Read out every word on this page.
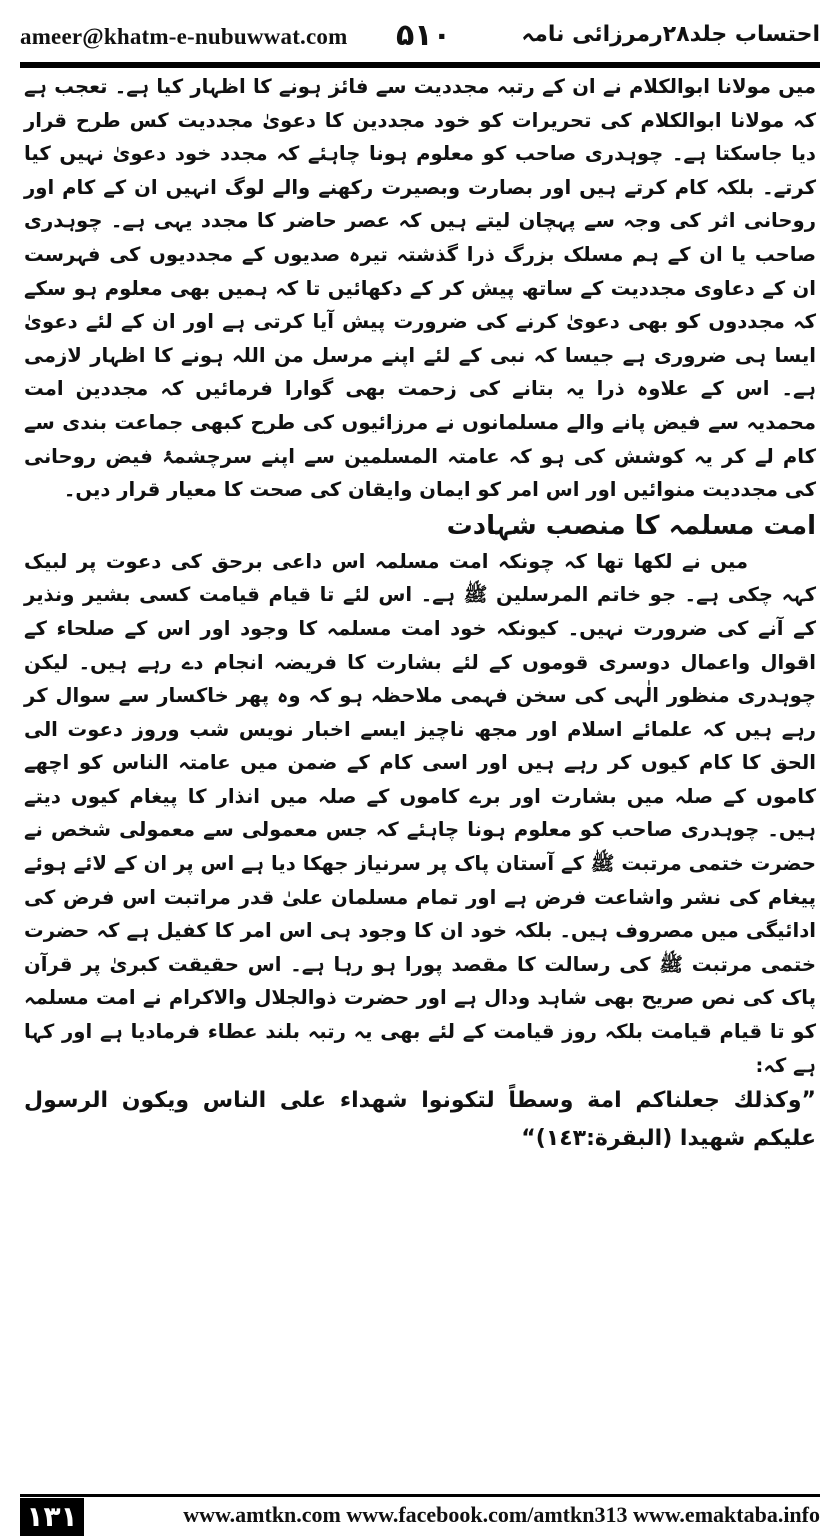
ameer@khatm-e-nubuwwat.com ۵۱۰	احتساب جلد۲۸رمرزائی نامہ

میں مولانا ابوالکلام نے ان کے رتبہ مجددیت سے فائز ہونے کا اظہار کیا ہے۔ تعجب ہے کہ مولانا ابوالکلام کی تحریرات کو خود مجددین کا دعویٰ مجددیت کس طرح قرار دیا جاسکتا ہے۔ چوہدری صاحب کو معلوم ہونا چاہئے کہ مجدد خود دعویٰ نہیں کیا کرتے۔ بلکہ کام کرتے ہیں اور بصارت وبصیرت رکھنے والے لوگ انہیں ان کے کام اور روحانی اثر کی وجہ سے پہچان لیتے ہیں کہ عصر حاضر کا مجدد یہی ہے۔ چوہدری صاحب یا ان کے ہم مسلک بزرگ ذرا گذشتہ تیرہ صدیوں کے مجددیوں کی فہرست ان کے دعاوی مجددیت کے ساتھ پیش کر کے دکھائیں تا کہ ہمیں بھی معلوم ہو سکے کہ مجددوں کو بھی دعویٰ کرنے کی ضرورت پیش آیا کرتی ہے اور ان کے لئے دعویٰ ایسا ہی ضروری ہے جیسا کہ نبی کے لئے اپنے مرسل من اللہ ہونے کا اظہار لازمی ہے۔ اس کے علاوہ ذرا یہ بتانے کی زحمت بھی گوارا فرمائیں کہ مجددین امت محمدیہ سے فیض پانے والے مسلمانوں نے مرزائیوں کی طرح کبھی جماعت بندی سے کام لے کر یہ کوشش کی ہو کہ عامتہ المسلمین سے اپنے سرچشمۂ فیض روحانی کی مجددیت منوائیں اور اس امر کو ایمان وایقان کی صحت کا معیار قرار دیں۔

امت مسلمہ کا منصب شہادت

میں نے لکھا تھا کہ چونکہ امت مسلمہ اس داعی برحق کی دعوت پر لبیک کہہ چکی ہے۔ جو خاتم المرسلین ﷺ ہے۔ اس لئے تا قیام قیامت کسی بشیر ونذیر کے آنے کی ضرورت نہیں۔ کیونکہ خود امت مسلمہ کا وجود اور اس کے صلحاء کے اقوال واعمال دوسری قوموں کے لئے بشارت کا فریضہ انجام دے رہے ہیں۔ لیکن چوہدری منظور الٰہی کی سخن فہمی ملاحظہ ہو کہ وہ پھر خاکسار سے سوال کر رہے ہیں کہ علمائے اسلام اور مجھ ناچیز ایسے اخبار نویس شب وروز دعوت الی الحق کا کام کیوں کر رہے ہیں اور اسی کام کے ضمن میں عامتہ الناس کو اچھے کاموں کے صلہ میں بشارت اور برے کاموں کے صلہ میں انذار کا پیغام کیوں دیتے ہیں۔ چوہدری صاحب کو معلوم ہونا چاہئے کہ جس معمولی سے معمولی شخص نے حضرت ختمی مرتبت ﷺ کے آستان پاک پر سرنیاز جھکا دیا ہے اس پر ان کے لائے ہوئے پیغام کی نشر واشاعت فرض ہے اور تمام مسلمان علیٰ قدر مراتبت اس فرض کی ادائیگی میں مصروف ہیں۔ بلکہ خود ان کا وجود ہی اس امر کا کفیل ہے کہ حضرت ختمی مرتبت ﷺ کی رسالت کا مقصد پورا ہو رہا ہے۔ اس حقیقت کبریٰ پر قرآن پاک کی نص صریح بھی شاہد ودال ہے اور حضرت ذوالجلال والاکرام نے امت مسلمہ کو تا قیام قیامت بلکہ روز قیامت کے لئے بھی یہ رتبہ بلند عطاء فرمادیا ہے اور کہا ہے کہ:

”وكذلك جعلناكم امة وسطاً لتكونوا شهداء على الناس ويكون الرسول عليكم شهيدا (البقرة:١٤٣)“

۱۳۱	www.amtkn.com www.facebook.com/amtkn313 www.emaktaba.info
